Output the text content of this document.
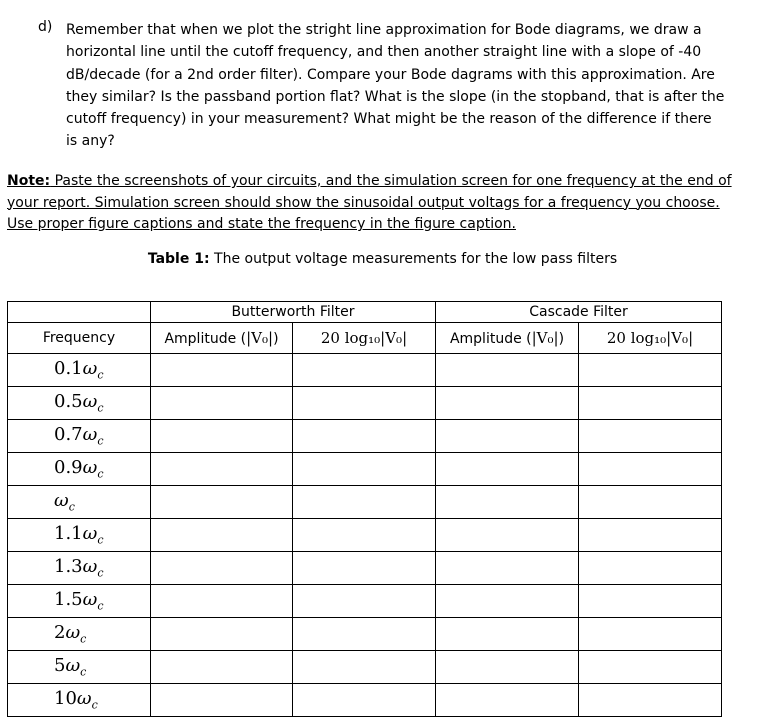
d) Remember that when we plot the stright line approximation for Bode diagrams, we draw a horizontal line until the cutoff frequency, and then another straight line with a slope of -40 dB/decade (for a 2nd order filter). Compare your Bode dagrams with this approximation. Are they similar? Is the passband portion flat? What is the slope (in the stopband, that is after the cutoff frequency) in your measurement? What might be the reason of the difference if there is any?
Note: Paste the screenshots of your circuits, and the simulation screen for one frequency at the end of your report. Simulation screen should show the sinusoidal output voltags for a frequency you choose. Use proper figure captions and state the frequency in the figure caption.
Table 1: The output voltage measurements for the low pass filters
	Butterworth Filter		Cascade Filter	
Frequency	Amplitude (|V₀|)	20 log₁₀|V₀|	Amplitude (|V₀|)	20 log₁₀|V₀|
$0.1\omega_c$				
$0.5\omega_c$				
$0.7\omega_c$				
$0.9\omega_c$				
$\omega_c$				
$1.1\omega_c$				
$1.3\omega_c$				
$1.5\omega_c$				
$2\omega_c$				
$5\omega_c$				
$10\omega_c$				
